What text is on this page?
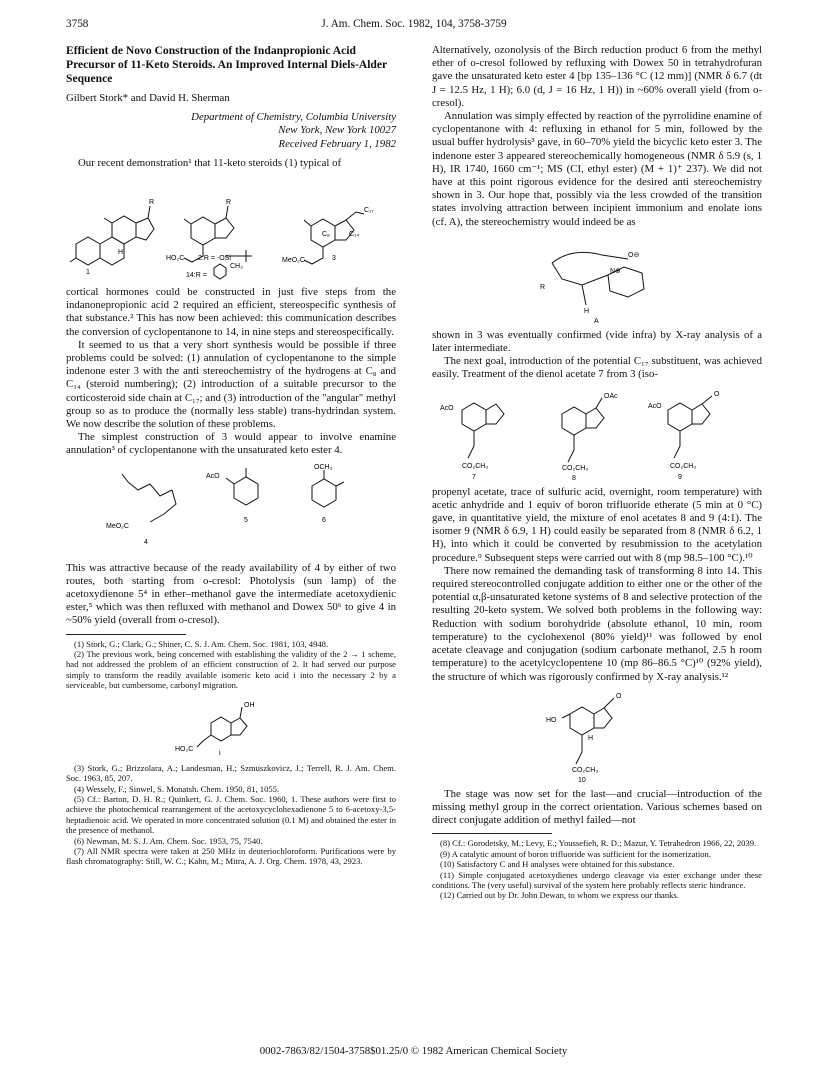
3758	J. Am. Chem. Soc. 1982, 104, 3758-3759
Efficient de Novo Construction of the Indanpropionic Acid Precursor of 11-Keto Steroids. An Improved Internal Diels-Alder Sequence
Gilbert Stork* and David H. Sherman
Department of Chemistry, Columbia University
New York, New York 10027
Received February 1, 1982

Our recent demonstration¹ that 11-keto steroids (1) typical of

1
2:R = -OSi	3
14:R =
R	R
HO₂C	MeO₂C
C₁₇
CH₃
C₈	C₁₄
H

cortical hormones could be constructed in just five steps from the indanonepropionic acid 2 required an efficient, stereospecific synthesis of that substance.² This has now been achieved: this communication describes the conversion of cyclopentanone to 14, in nine steps and stereospecifically.

It seemed to us that a very short synthesis would be possible if three problems could be solved: (1) annulation of cyclopentanone to the simple indenone ester 3 with the anti stereochemistry of the hydrogens at C₈ and C₁₄ (steroid numbering); (2) introduction of a suitable precursor to the corticosteroid side chain at C₁₇; and (3) introduction of the "angular" methyl group so as to produce the (normally less stable) trans-hydrindan system. We now describe the solution of these problems.

The simplest construction of 3 would appear to involve enamine annulation³ of cyclopentanone with the unsaturated keto ester 4.

MeO₂C
4
AcO
5
OCH₃
6

This was attractive because of the ready availability of 4 by either of two routes, both starting from o-cresol: Photolysis (sun lamp) of the acetoxydienone 5⁴ in ether–methanol gave the intermediate acetoxydienic ester,⁵ which was then refluxed with methanol and Dowex 50⁶ to give 4 in ~50% yield (overall from o-cresol).

(1) Stork, G.; Clark, G.; Shiner, C. S. J. Am. Chem. Soc. 1981, 103, 4948.

(2) The previous work, being concerned with establishing the validity of the 2 → 1 scheme, had not addressed the problem of an efficient construction of 2. It had served our purpose simply to transform the readily available isomeric keto acid i into the necessary 2 by a serviceable, but cumbersome, carbonyl migration.

OH
HO₂C
i

(3) Stork, G.; Brizzolara, A.; Landesman, H.; Szmuszkovicz, J.; Terrell, R. J. Am. Chem. Soc. 1963, 85, 207.

(4) Wessely, F.; Sinwel, S. Monatsh. Chem. 1950, 81, 1055.

(5) Cf.: Barton, D. H. R.; Quinkert, G. J. Chem. Soc. 1960, 1. These authors were first to achieve the photochemical rearrangement of the acetoxycyclohexadienone 5 to 6-acetoxy-3,5-heptadienoic acid. We operated in more concentrated solution (0.1 M) and obtained the ester in the presence of methanol.

(6) Newman, M. S. J. Am. Chem. Soc. 1953, 75, 7540.

(7) All NMR spectra were taken at 250 MHz in deuteriochloroform. Purifications were by flash chromatography: Still, W. C.; Kahn, M.; Mitra, A. J. Org. Chem. 1978, 43, 2923.

Alternatively, ozonolysis of the Birch reduction product 6 from the methyl ether of o-cresol followed by refluxing with Dowex 50 in tetrahydrofuran gave the unsaturated keto ester 4 [bp 135–136 °C (12 mm)] (NMR δ 6.7 (dt J = 12.5 Hz, 1 H); 6.0 (d, J = 16 Hz, 1 H)) in ~60% overall yield (from o-cresol).

Annulation was simply effected by reaction of the pyrrolidine enamine of cyclopentanone with 4: refluxing in ethanol for 5 min, followed by the usual buffer hydrolysis³ gave, in 60–70% yield the bicyclic keto ester 3. The indenone ester 3 appeared stereochemically homogeneous (NMR δ 5.9 (s, 1 H), IR 1740, 1660 cm⁻¹; MS (CI, ethyl ester) (M + 1)⁺ 237). We did not have at this point rigorous evidence for the desired anti stereochemistry shown in 3. Our hope that, possibly via the less crowded of the transition states involving attraction between incipient immonium and enolate ions (cf. A), the stereochemistry would indeed be as

O⊖
N⊕
R
H
A

shown in 3 was eventually confirmed (vide infra) by X-ray analysis of a later intermediate.

The next goal, introduction of the potential C₁₇ substituent, was achieved easily. Treatment of the dienol acetate 7 from 3 (iso-

AcO
CO₂CH₃
7
OAc
CO₂CH₃
8
AcO
O
CO₂CH₃
9

propenyl acetate, trace of sulfuric acid, overnight, room temperature) with acetic anhydride and 1 equiv of boron trifluoride etherate (5 min at 0 °C) gave, in quantitative yield, the mixture of enol acetates 8 and 9 (4:1). The isomer 9 (NMR δ 6.9, 1 H) could easily be separated from 8 (NMR δ 6.2, 1 H), into which it could be converted by resubmission to the acetylation procedure.⁹ Subsequent steps were carried out with 8 (mp 98.5–100 °C).¹⁰

There now remained the demanding task of transforming 8 into 14. This required stereocontrolled conjugate addition to either one or the other of the potential α,β-unsaturated ketone systems of 8 and selective protection of the resulting 20-keto system. We solved both problems in the following way: Reduction with sodium borohydride (absolute ethanol, 10 min, room temperature) to the cyclohexenol (80% yield)¹¹ was followed by enol acetate cleavage and conjugation (sodium carbonate methanol, 2.5 h room temperature) to the acetylcyclopentene 10 (mp 86–86.5 °C)¹⁰ (92% yield), the structure of which was rigorously confirmed by X-ray analysis.¹²

HO
O
H
CO₂CH₃
10

The stage was now set for the last—and crucial—introduction of the missing methyl group in the correct orientation. Various schemes based on direct conjugate addition of methyl failed—not

(8) Cf.: Gorodetsky, M.; Levy, E.; Youssefieh, R. D.; Mazur, Y. Tetrahedron 1966, 22, 2039.

(9) A catalytic amount of boron trifluoride was sufficient for the isomerization.

(10) Satisfactory C and H analyses were obtained for this substance.

(11) Simple conjugated acetoxydienes undergo cleavage via ester exchange under these conditions. The (very useful) survival of the system here probably reflects steric hindrance.

(12) Carried out by Dr. John Dewan, to whom we express our thanks.

0002-7863/82/1504-3758$01.25/0 © 1982 American Chemical Society
